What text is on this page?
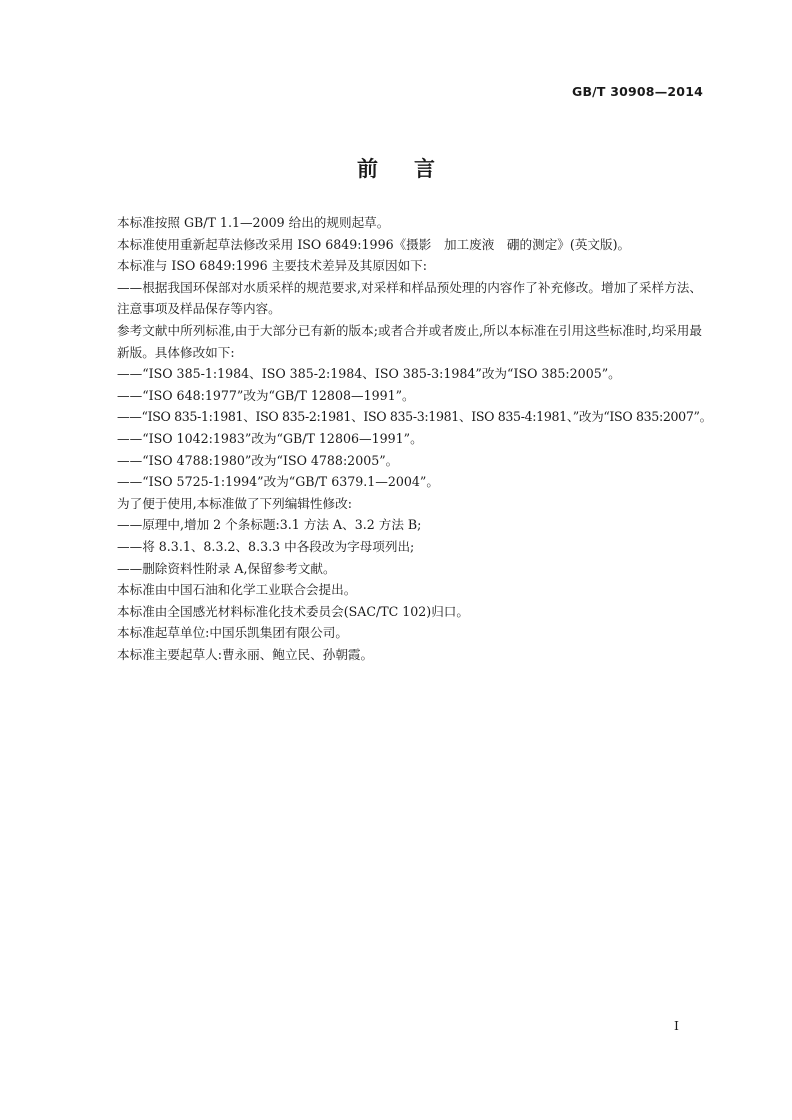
GB/T 30908—2014
前言

本标准按照 GB/T 1.1—2009 给出的规则起草。

本标准使用重新起草法修改采用 ISO 6849:1996《摄影　加工废液　硼的测定》(英文版)。

本标准与 ISO 6849:1996 主要技术差异及其原因如下:

——根据我国环保部对水质采样的规范要求,对采样和样品预处理的内容作了补充修改。增加了采样方法、注意事项及样品保存等内容。

参考文献中所列标准,由于大部分已有新的版本;或者合并或者废止,所以本标准在引用这些标准时,均采用最新版。具体修改如下:

——“ISO 385-1:1984、ISO 385-2:1984、ISO 385-3:1984”改为“ISO 385:2005”。

——“ISO 648:1977”改为“GB/T 12808—1991”。

——“ISO 835-1:1981、ISO 835-2:1981、ISO 835-3:1981、ISO 835-4:1981、”改为“ISO 835:2007”。

——“ISO 1042:1983”改为“GB/T 12806—1991”。

——“ISO 4788:1980”改为“ISO 4788:2005”。

——“ISO 5725-1:1994”改为“GB/T 6379.1—2004”。

为了便于使用,本标准做了下列编辑性修改:

——原理中,增加 2 个条标题:3.1 方法 A、3.2 方法 B;

——将 8.3.1、8.3.2、8.3.3 中各段改为字母项列出;

——删除资料性附录 A,保留参考文献。

本标准由中国石油和化学工业联合会提出。

本标准由全国感光材料标准化技术委员会(SAC/TC 102)归口。

本标准起草单位:中国乐凯集团有限公司。

本标准主要起草人:曹永丽、鲍立民、孙朝霞。

I
